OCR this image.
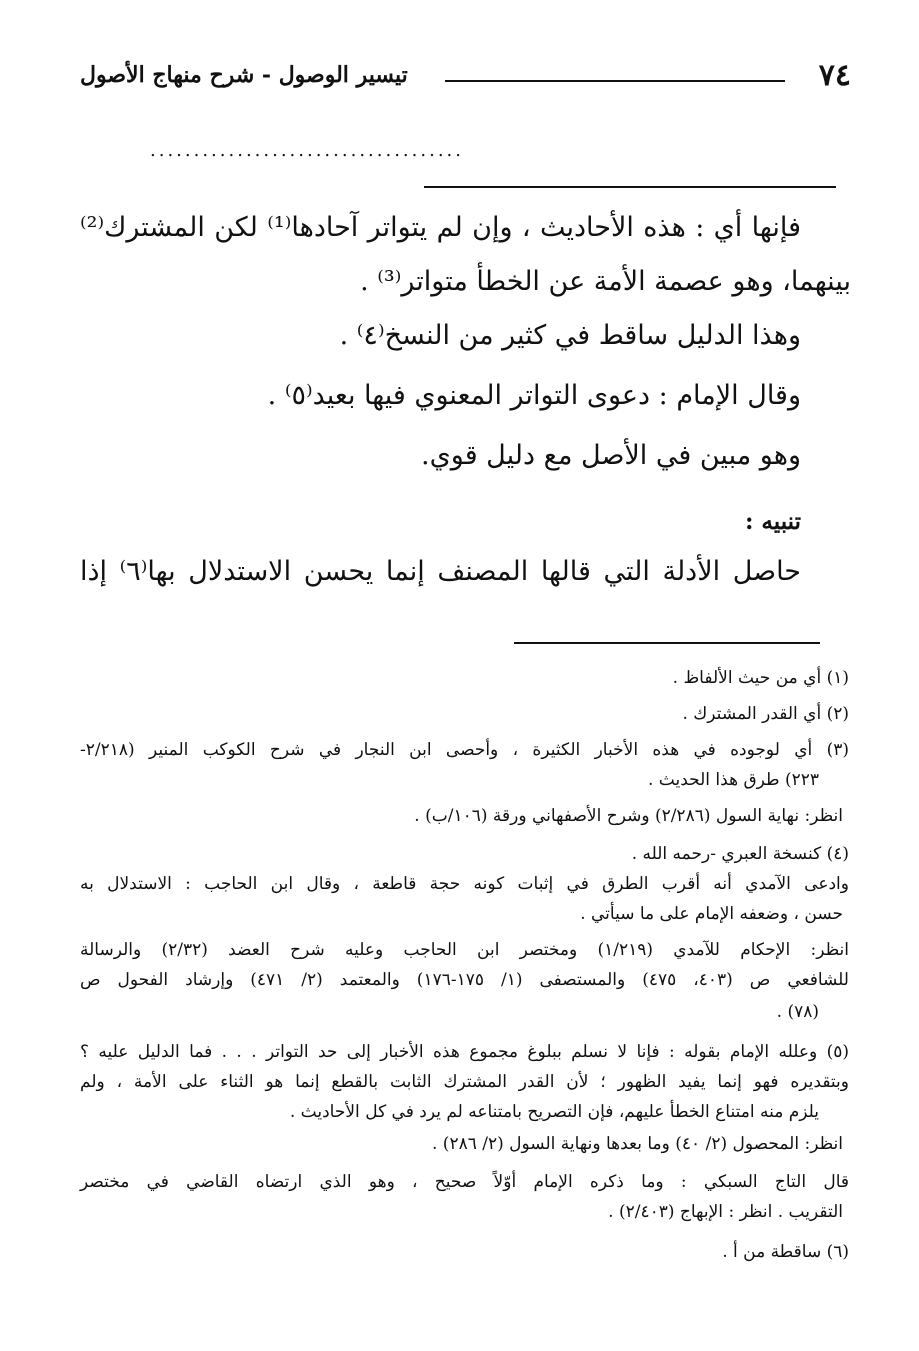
٧٤
تيسير الوصول - شرح منهاج الأصول
....................................
فإنها أي : هذه الأحاديث ، وإن لم يتواتر آحادها⁽¹⁾ لكن المشترك⁽²⁾
بينهما، وهو عصمة الأمة عن الخطأ متواتر⁽³⁾ .
وهذا الدليل ساقط في كثير من النسخ⁽٤⁾ .
وقال الإمام : دعوى التواتر المعنوي فيها بعيد⁽٥⁾ .
وهو مبين في الأصل مع دليل قوي.
تنبيه :
حاصل الأدلة التي قالها المصنف إنما يحسن الاستدلال بها⁽٦⁾ إذا
(١) أي من حيث الألفاظ .
(٢) أي القدر المشترك .
(٣) أي لوجوده في هذه الأخبار الكثيرة ، وأحصى ابن النجار في شرح الكوكب المنير (٢/٢١٨-
٢٢٣) طرق هذا الحديث .
انظر: نهاية السول (٢/٢٨٦) وشرح الأصفهاني ورقة (١٠٦/ب) .
(٤) كنسخة العبري -رحمه الله .
وادعى الآمدي أنه أقرب الطرق في إثبات كونه حجة قاطعة ، وقال ابن الحاجب : الاستدلال به
حسن ، وضعفه الإمام على ما سيأتي .
انظر: الإحكام للآمدي (١/٢١٩) ومختصر ابن الحاجب وعليه شرح العضد (٢/٣٢) والرسالة
للشافعي ص (٤٠٣، ٤٧٥) والمستصفى (١/ ١٧٥-١٧٦) والمعتمد (٢/ ٤٧١) وإرشاد الفحول ص
(٧٨) .
(٥) وعلله الإمام بقوله : فإنا لا نسلم ببلوغ مجموع هذه الأخبار إلى حد التواتر . . . فما الدليل عليه ؟
وبتقديره فهو إنما يفيد الظهور ؛ لأن القدر المشترك الثابت بالقطع إنما هو الثناء على الأمة ، ولم
يلزم منه امتناع الخطأ عليهم، فإن التصريح بامتناعه لم يرد في كل الأحاديث .
انظر: المحصول (٢/ ٤٠) وما بعدها ونهاية السول (٢/ ٢٨٦) .
قال التاج السبكي : وما ذكره الإمام أوّلاً صحيح ، وهو الذي ارتضاه القاضي في مختصر
التقريب . انظر : الإبهاج (٢/٤٠٣) .
(٦) ساقطة من أ .
